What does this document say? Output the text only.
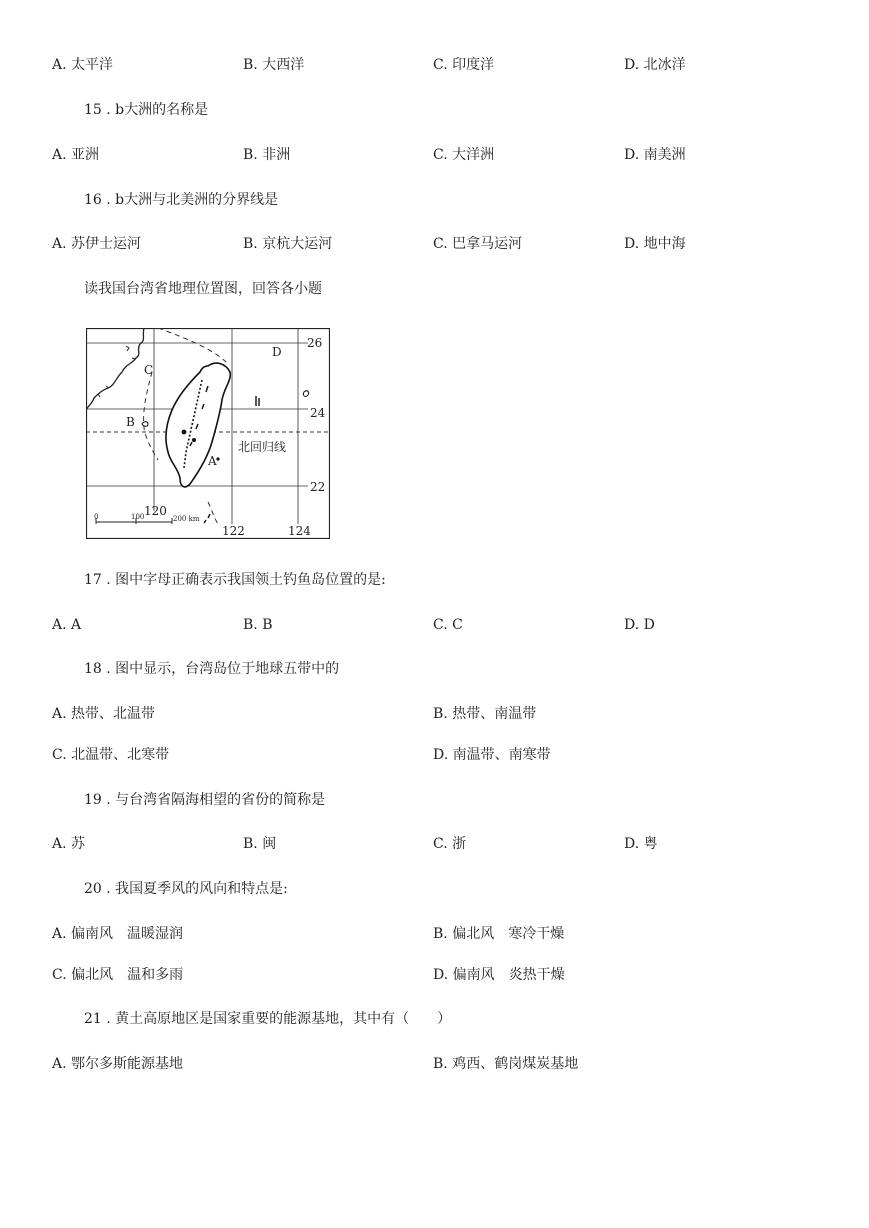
A. 太平洋	B. 大西洋	C. 印度洋	D. 北冰洋
15 . b大洲的名称是
A. 亚洲	B. 非洲	C. 大洋洲	D. 南美洲
16 . b大洲与北美洲的分界线是
A. 苏伊士运河	B. 京杭大运河	C. 巴拿马运河	D. 地中海
读我国台湾省地理位置图，回答各小题
D
C
B
A
26
24
22
120
122	124
北回归线
0	100	200 km
17 . 图中字母正确表示我国领土钓鱼岛位置的是:
A. A	B. B	C. C	D. D
18 . 图中显示，台湾岛位于地球五带中的
A. 热带、北温带	B. 热带、南温带
C. 北温带、北寒带	D. 南温带、南寒带
19 . 与台湾省隔海相望的省份的简称是
A. 苏	B. 闽	C. 浙	D. 粤
20 . 我国夏季风的风向和特点是:
A. 偏南风　温暖湿润	B. 偏北风　寒冷干燥
C. 偏北风　温和多雨	D. 偏南风　炎热干燥
21 . 黄土高原地区是国家重要的能源基地，其中有（　　）
A. 鄂尔多斯能源基地	B. 鸡西、鹤岗煤炭基地
